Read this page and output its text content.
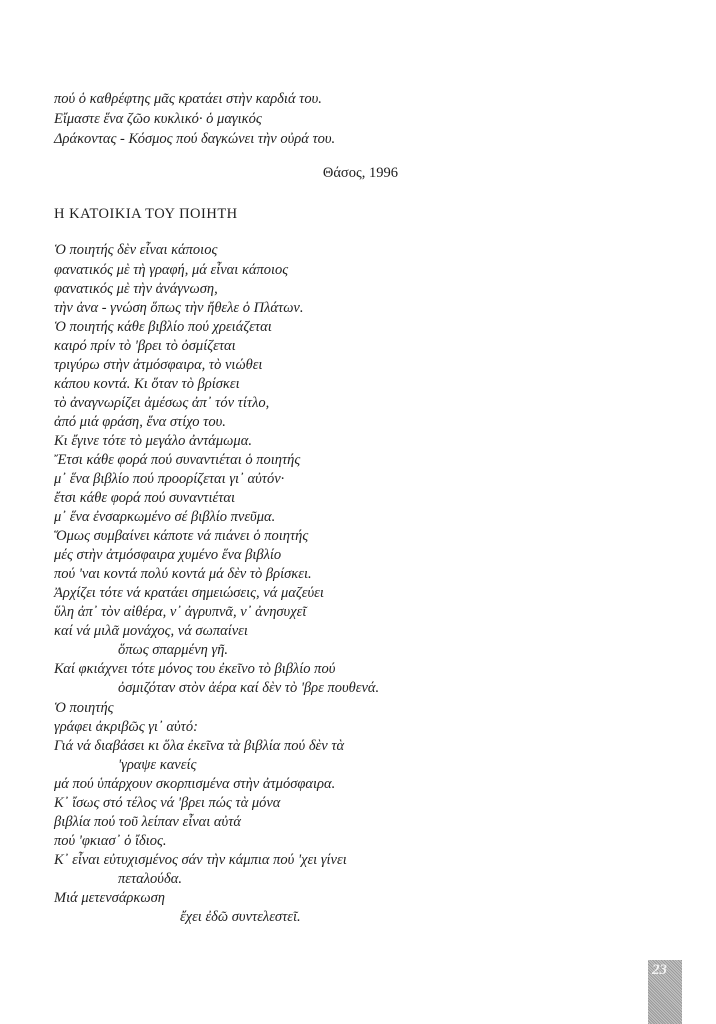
πού ὁ καθρέφτης μᾶς κρατάει στὴν καρδιά του.
Εἴμαστε ἕνα ζῶο κυκλικό· ὁ μαγικός
Δράκοντας - Κόσμος πού δαγκώνει τὴν οὐρά του.
Θάσος, 1996
Η ΚΑΤΟΙΚΙΑ ΤΟΥ ΠΟΙΗΤΗ
Ὁ ποιητής δὲν εἶναι κάποιος
φανατικός μὲ τὴ γραφή, μά εἶναι κάποιος
φανατικός μὲ τὴν ἀνάγνωση,
τὴν ἀνα - γνώση ὅπως τὴν ἤθελε ὁ Πλάτων.
Ὁ ποιητής κάθε βιβλίο πού χρειάζεται
καιρό πρίν τὸ 'βρει τὸ ὀσμίζεται
τριγύρω στὴν ἀτμόσφαιρα, τὸ νιώθει
κάπου κοντά. Κι ὅταν τὸ βρίσκει
τὸ ἀναγνωρίζει ἀμέσως ἀπ᾿ τόν τίτλο,
ἀπό μιά φράση, ἕνα στίχο του.
Κι ἔγινε τότε τὸ μεγάλο ἀντάμωμα.
Ἔτσι κάθε φορά πού συναντιέται ὁ ποιητής
μ᾿ ἕνα βιβλίο πού προορίζεται γι᾿ αὐτόν·
ἔτσι κάθε φορά πού συναντιέται
μ᾿ ἕνα ἐνσαρκωμένο σέ βιβλίο πνεῦμα.
Ὅμως συμβαίνει κάποτε νά πιάνει ὁ ποιητής
μές στὴν ἀτμόσφαιρα χυμένο ἕνα βιβλίο
πού 'ναι κοντά πολύ κοντά μά δὲν τὸ βρίσκει.
Ἀρχίζει τότε νά κρατάει σημειώσεις, νά μαζεύει
ὕλη ἀπ᾿ τὸν αἰθέρα, ν᾿ ἀγρυπνᾶ, ν᾿ ἀνησυχεῖ
καί νά μιλᾶ μονάχος, νά σωπαίνει
ὅπως σπαρμένη γῆ.
Καί φκιάχνει τότε μόνος του ἐκεῖνο τὸ βιβλίο πού
ὀσμιζόταν στὸν ἀέρα καί δὲν τὸ 'βρε πουθενά.
Ὁ ποιητής
γράφει ἀκριβῶς γι᾿ αὐτό:
Γιά νά διαβάσει κι ὅλα ἐκεῖνα τὰ βιβλία πού δὲν τὰ
'γραψε κανείς
μά πού ὑπάρχουν σκορπισμένα στὴν ἀτμόσφαιρα.
Κ᾿ ἴσως στό τέλος νά 'βρει πώς τὰ μόνα
βιβλία πού τοῦ λείπαν εἶναι αὐτά
πού 'φκιασ᾿ ὁ ἴδιος.
Κ᾿ εἶναι εὐτυχισμένος σάν τὴν κάμπια πού 'χει γίνει
πεταλούδα.
Μιά μετενσάρκωση
ἔχει ἐδῶ συντελεστεῖ.
23
